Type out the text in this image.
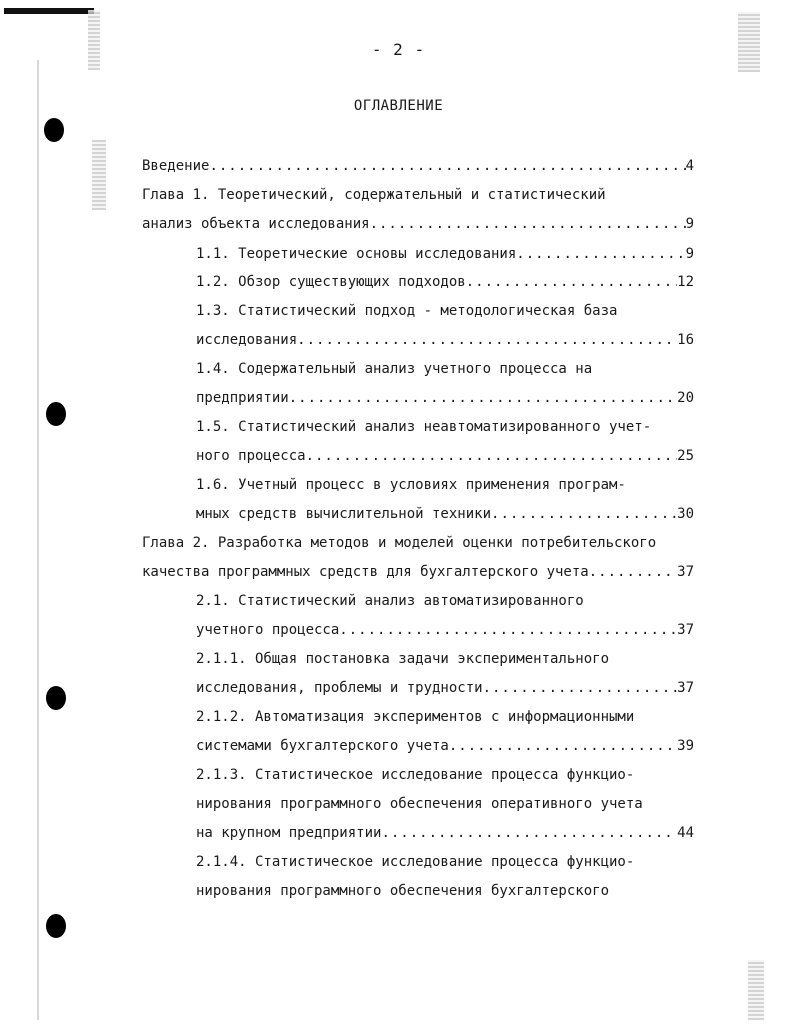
- 2 -
ОГЛАВЛЕНИЕ
Введение .....	4
Глава 1. Теоретический, содержательный и статистический
анализ объекта исследования .....	9
1.1. Теоретические основы исследования .....	9
1.2. Обзор существующих подходов .....	12
1.3. Статистический подход - методологическая база
исследования .....	16
1.4. Содержательный анализ учетного процесса на
предприятии .....	20
1.5. Статистический анализ неавтоматизированного учет-
ного процесса .....	25
1.6. Учетный процесс в условиях применения програм-
мных средств вычислительной техники .....	30
Глава 2. Разработка методов и моделей оценки потребительского
качества программных средств для бухгалтерского учета .....	37
2.1. Статистический анализ автоматизированного
учетного процесса .....	37
2.1.1. Общая постановка задачи экспериментального
исследования, проблемы и трудности .....	37
2.1.2. Автоматизация экспериментов с информационными
системами бухгалтерского учета .....	39
2.1.3. Статистическое исследование процесса функцио-
нирования программного обеспечения оперативного учета
на крупном предприятии .....	44
2.1.4. Статистическое исследование процесса функцио-
нирования программного обеспечения бухгалтерского
